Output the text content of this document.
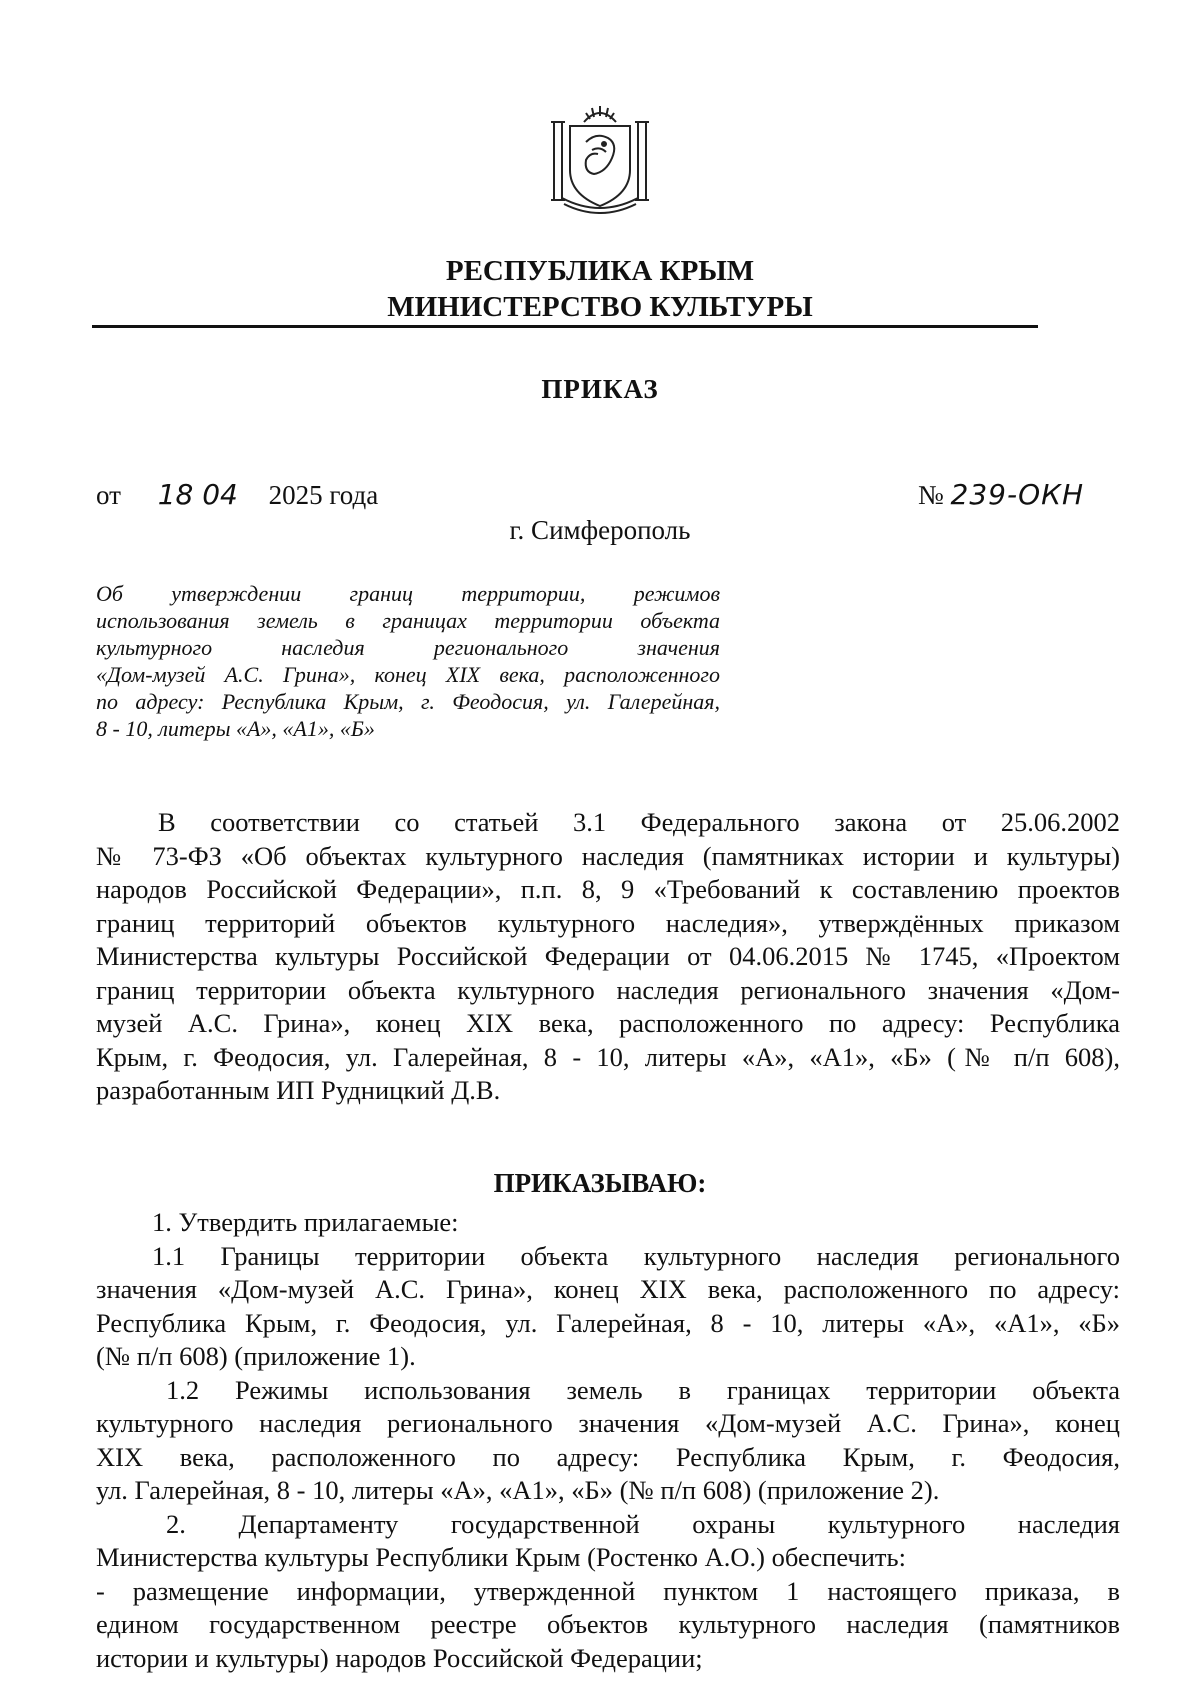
РЕСПУБЛИКА КРЫМ
МИНИСТЕРСТВО КУЛЬТУРЫ
ПРИКАЗ
от 18 04 2025 года	№ 239-ОКН
г. Симферополь
Об утверждении границ территории, режимов
использования земель в границах территории объекта
культурного наследия регионального значения
«Дом-музей А.С. Грина», конец XIX века, расположенного
по адресу: Республика Крым, г. Феодосия, ул. Галерейная,
8 - 10, литеры «А», «А1», «Б»
В соответствии со статьей 3.1 Федерального закона от 25.06.2002
№ 73-ФЗ «Об объектах культурного наследия (памятниках истории и культуры)
народов Российской Федерации», п.п. 8, 9 «Требований к составлению проектов
границ территорий объектов культурного наследия», утверждённых приказом
Министерства культуры Российской Федерации от 04.06.2015 № 1745, «Проектом
границ территории объекта культурного наследия регионального значения «Дом-
музей А.С. Грина», конец XIX века, расположенного по адресу: Республика
Крым, г. Феодосия, ул. Галерейная, 8 - 10, литеры «А», «А1», «Б» (№ п/п 608),
разработанным ИП Рудницкий Д.В.
ПРИКАЗЫВАЮ:
1. Утвердить прилагаемые:
1.1 Границы территории объекта культурного наследия регионального
значения «Дом-музей А.С. Грина», конец XIX века, расположенного по адресу:
Республика Крым, г. Феодосия, ул. Галерейная, 8 - 10, литеры «А», «А1», «Б»
(№ п/п 608) (приложение 1).
1.2 Режимы использования земель в границах территории объекта
культурного наследия регионального значения «Дом-музей А.С. Грина», конец
XIX века, расположенного по адресу: Республика Крым, г. Феодосия,
ул. Галерейная, 8 - 10, литеры «А», «А1», «Б» (№ п/п 608) (приложение 2).
2. Департаменту государственной охраны культурного наследия
Министерства культуры Республики Крым (Ростенко А.О.) обеспечить:
- размещение информации, утвержденной пунктом 1 настоящего приказа, в
едином государственном реестре объектов культурного наследия (памятников
истории и культуры) народов Российской Федерации;
